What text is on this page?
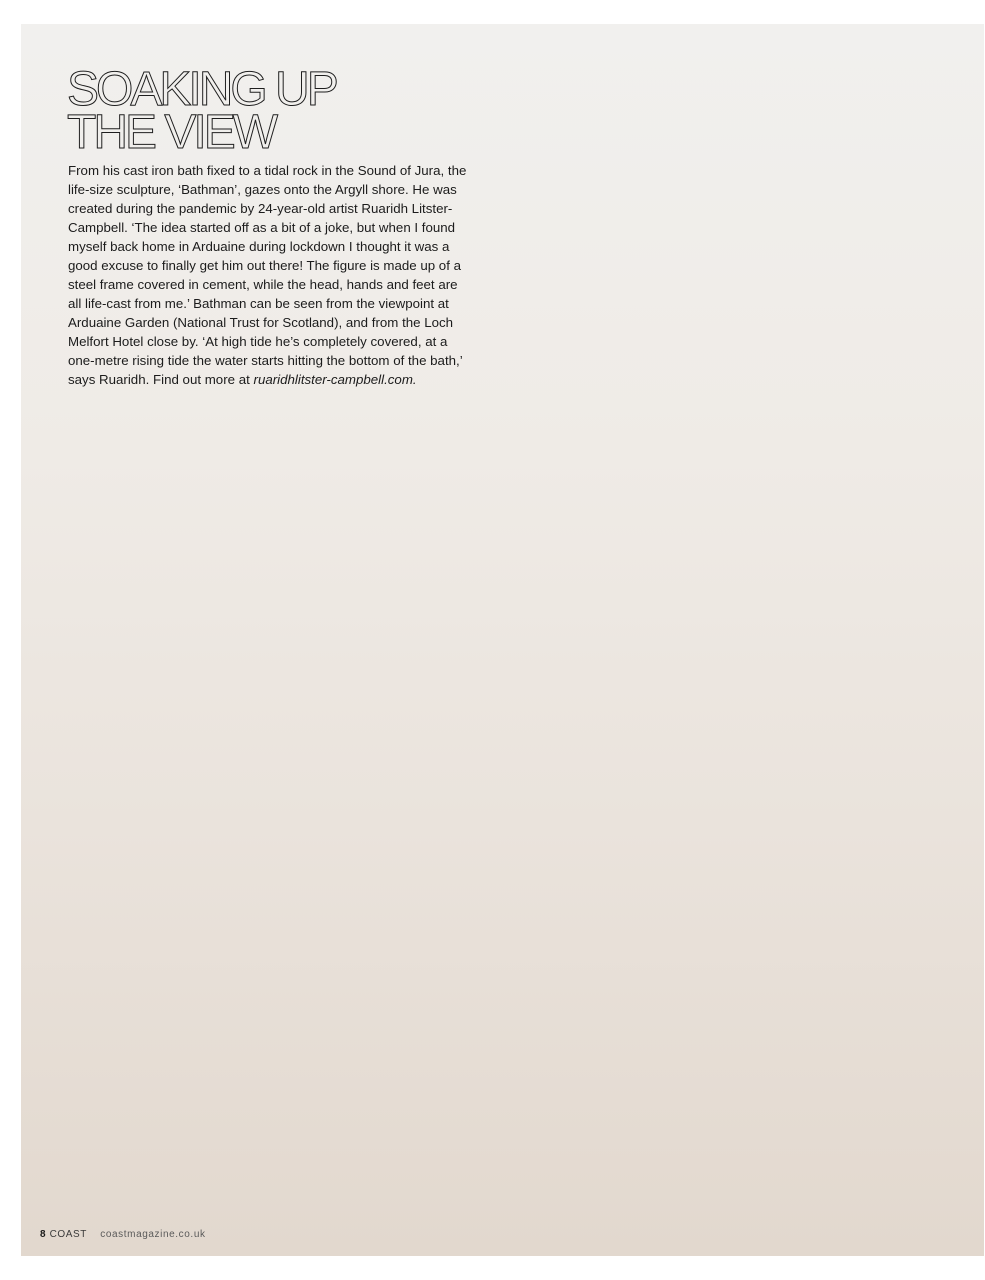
SOAKING UP
THE VIEW

From his cast iron bath fixed to a tidal rock in the Sound of Jura, the life-size sculpture, ‘Bathman’, gazes onto the Argyll shore. He was created during the pandemic by 24-year-old artist Ruaridh Litster-Campbell. ‘The idea started off as a bit of a joke, but when I found myself back home in Arduaine during lockdown I thought it was a good excuse to finally get him out there! The figure is made up of a steel frame covered in cement, while the head, hands and feet are all life-cast from me.’ Bathman can be seen from the viewpoint at Arduaine Garden (National Trust for Scotland), and from the Loch Melfort Hotel close by. ‘At high tide he’s completely covered, at a one-metre rising tide the water starts hitting the bottom of the bath,’ says Ruaridh. Find out more at ruaridhlitster-campbell.com.

8 COAST coastmagazine.co.uk
